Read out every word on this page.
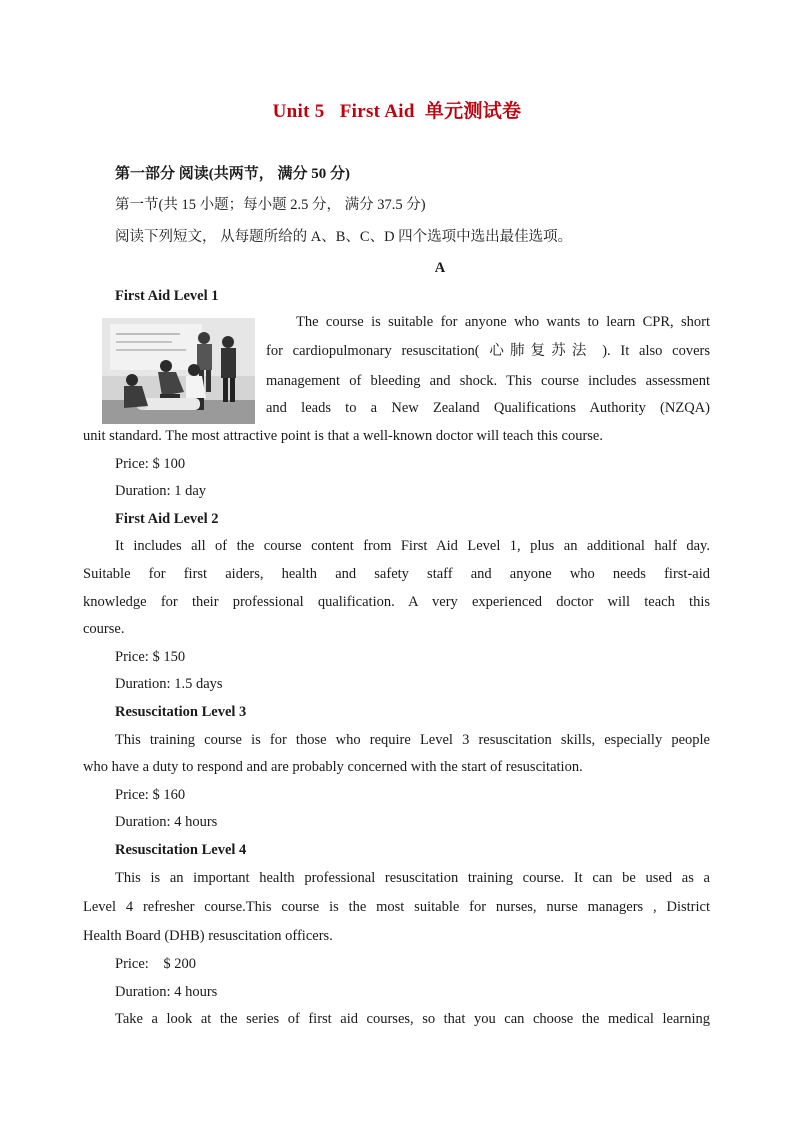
Unit 5   First Aid  单元测试卷
第一部分 阅读(共两节， 满分 50 分)
第一节(共 15 小题；每小题 2.5 分， 满分 37.5 分)
阅读下列短文， 从每题所给的 A、B、C、D 四个选项中选出最佳选项。
A
First Aid Level 1
The course is suitable for anyone who wants to learn CPR, short
for cardiopulmonary resuscitation( 心肺复苏法 ). It also covers
management of bleeding and shock. This course includes assessment
and leads to a New Zealand Qualifications Authority (NZQA)
unit standard. The most attractive point is that a well-known doctor will teach this course.
Price: $ 100
Duration: 1 day
First Aid Level 2
It includes all of the course content from First Aid Level 1, plus an additional half day.
Suitable for first aiders, health and safety staff and anyone who needs first-aid
knowledge for their professional qualification. A very experienced doctor will teach this
course.
Price: $ 150
Duration: 1.5 days
Resuscitation Level 3
This training course is for those who require Level 3 resuscitation skills, especially people
who have a duty to respond and are probably concerned with the start of resuscitation.
Price: $ 160
Duration: 4 hours
Resuscitation Level 4
This is an important health professional resuscitation training course. It can be used as a
Level 4 refresher course.This course is the most suitable for nurses, nurse managers , District
Health Board (DHB) resuscitation officers.
Price:    $ 200
Duration: 4 hours
Take a look at the series of first aid courses, so that you can choose the medical learning
